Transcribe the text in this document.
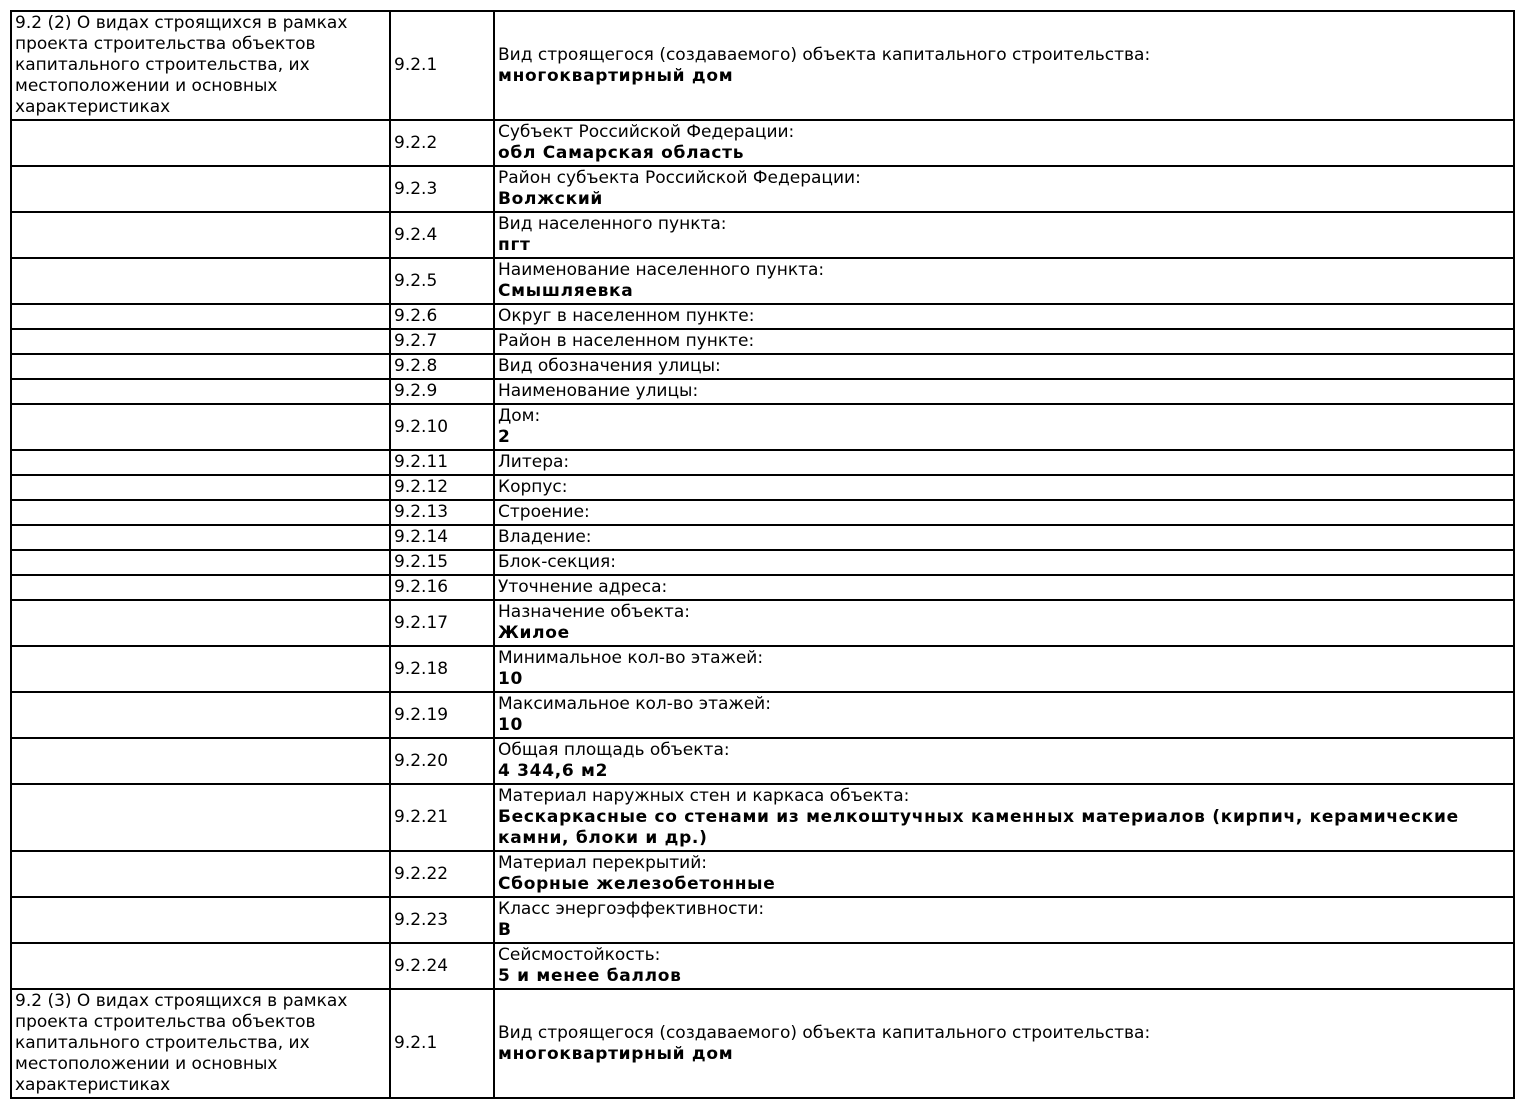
9.2 (2) О видах строящихся в рамках проекта строительства объектов капитального строительства, их местоположении и основных характеристиках	9.2.1	Вид строящегося (создаваемого) объекта капитального строительства:
многоквартирный дом

	9.2.2	Субъект Российской Федерации:
обл Самарская область

	9.2.3	Район субъекта Российской Федерации:
Волжский

	9.2.4	Вид населенного пункта:
пгт

	9.2.5	Наименование населенного пункта:
Смышляевка

	9.2.6	Округ в населенном пункте:

	9.2.7	Район в населенном пункте:

	9.2.8	Вид обозначения улицы:

	9.2.9	Наименование улицы:

	9.2.10	Дом:
2

	9.2.11	Литера:

	9.2.12	Корпус:

	9.2.13	Строение:

	9.2.14	Владение:

	9.2.15	Блок-секция:

	9.2.16	Уточнение адреса:

	9.2.17	Назначение объекта:
Жилое

	9.2.18	Минимальное кол-во этажей:
10

	9.2.19	Максимальное кол-во этажей:
10

	9.2.20	Общая площадь объекта:
4 344,6 м2

	9.2.21	Материал наружных стен и каркаса объекта:
Бескаркасные со стенами из мелкоштучных каменных материалов (кирпич, керамические камни, блоки и др.)

	9.2.22	Материал перекрытий:
Сборные железобетонные

	9.2.23	Класс энергоэффективности:
B

	9.2.24	Сейсмостойкость:
5 и менее баллов

9.2 (3) О видах строящихся в рамках проекта строительства объектов капитального строительства, их местоположении и основных характеристиках	9.2.1	Вид строящегося (создаваемого) объекта капитального строительства:
многоквартирный дом
